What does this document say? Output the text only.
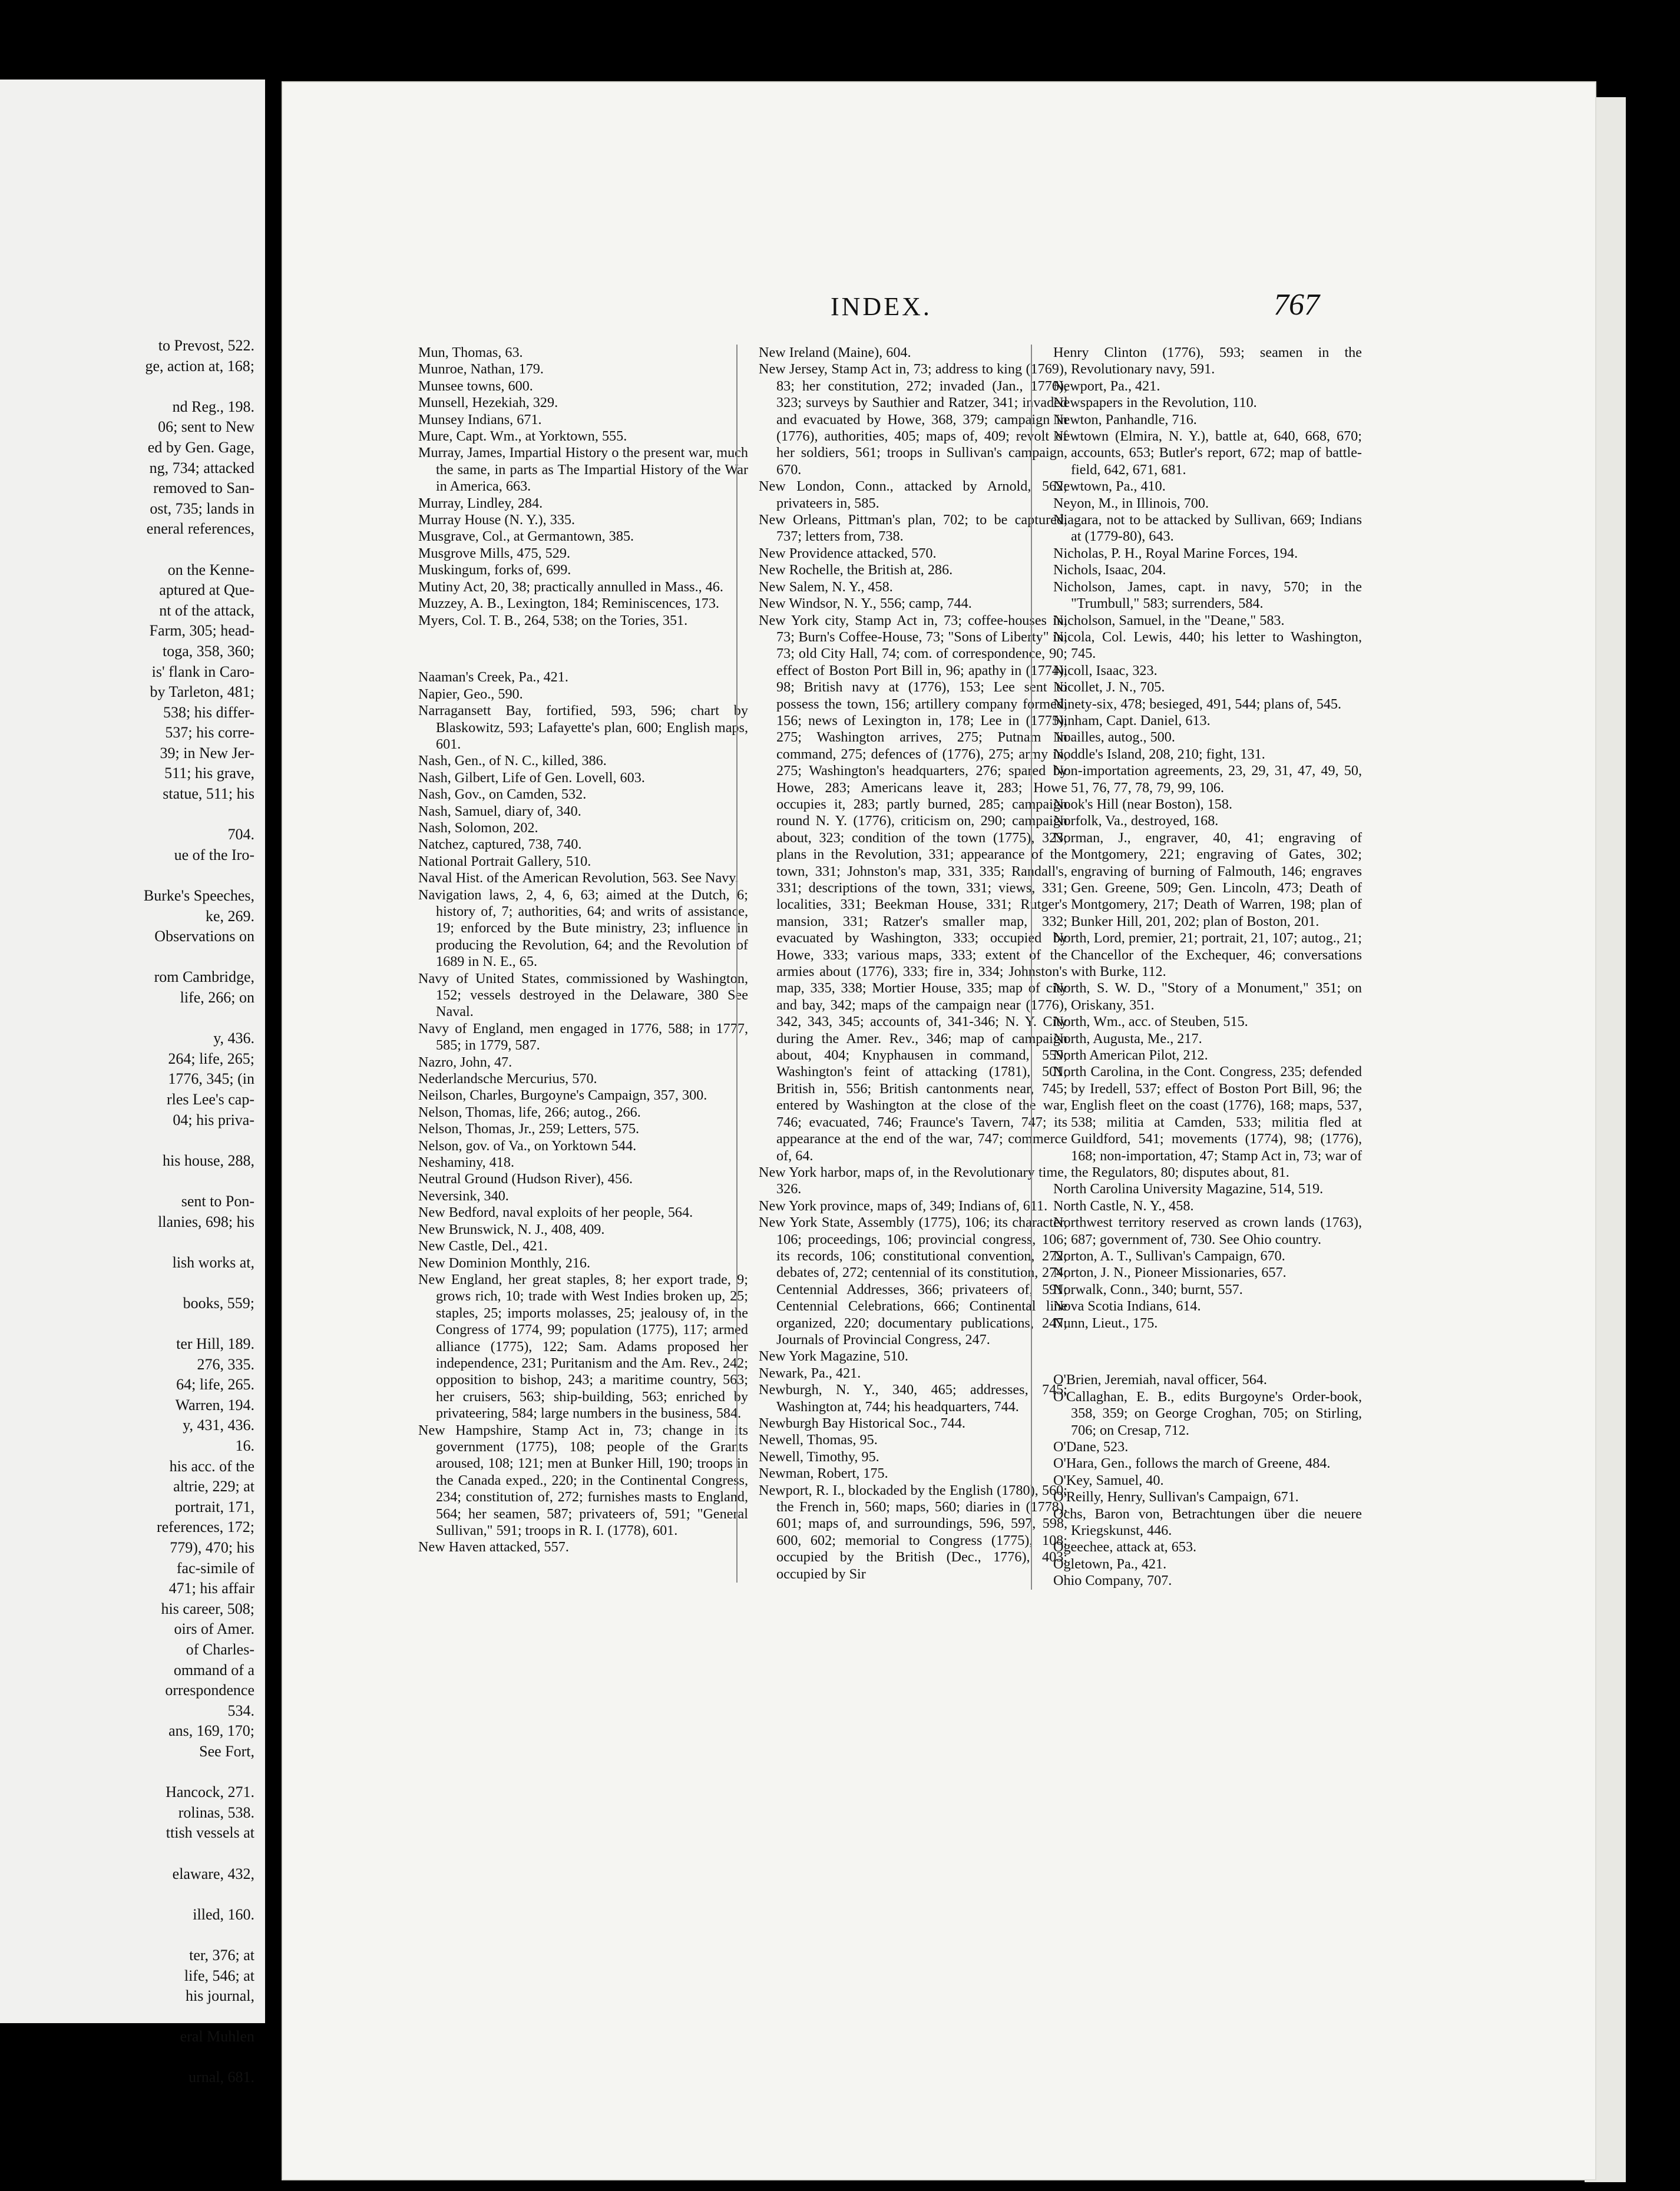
to Prevost, 522.
ge, action at, 168;

nd Reg., 198.
06; sent to New
ed by Gen. Gage,
ng, 734; attacked
removed to San-
ost, 735; lands in
eneral references,

on the Kenne-
aptured at Que-
nt of the attack,
Farm, 305; head-
toga, 358, 360;
is' flank in Caro-
by Tarleton, 481;
538; his differ-
537; his corre-
39; in New Jer-
511; his grave,
statue, 511; his

704.
ue of the Iro-

Burke's Speeches,
ke, 269.
Observations on

rom Cambridge,
life, 266; on

y, 436.
264; life, 265;
1776, 345; (in
rles Lee's cap-
04; his priva-

his house, 288,

sent to Pon-
llanies, 698; his

lish works at,

books, 559;

ter Hill, 189.
276, 335.
64; life, 265.
Warren, 194.
y, 431, 436.
16.
his acc. of the
altrie, 229; at
portrait, 171,
references, 172;
779), 470; his
fac-simile of
471; his affair
his career, 508;
oirs of Amer.
of Charles-
ommand of a
orrespondence
534.
ans, 169, 170;
See Fort,

Hancock, 271.
rolinas, 538.
ttish vessels at

elaware, 432,

illed, 160.

ter, 376; at
life, 546; at
his journal,

eral Muhlen

urnal, 681.
INDEX.	767

Mun, Thomas, 63.

Munroe, Nathan, 179.

Munsee towns, 600.

Munsell, Hezekiah, 329.

Munsey Indians, 671.

Mure, Capt. Wm., at Yorktown, 555.

Murray, James, Impartial History o the present war, much the same, in parts as The Impartial History of the War in America, 663.

Murray, Lindley, 284.

Murray House (N. Y.), 335.

Musgrave, Col., at Germantown, 385.

Musgrove Mills, 475, 529.

Muskingum, forks of, 699.

Mutiny Act, 20, 38; practically annulled in Mass., 46.

Muzzey, A. B., Lexington, 184; Reminiscences, 173.

Myers, Col. T. B., 264, 538; on the Tories, 351.

Naaman's Creek, Pa., 421.

Napier, Geo., 590.

Narragansett Bay, fortified, 593, 596; chart by Blaskowitz, 593; Lafayette's plan, 600; English maps, 601.

Nash, Gen., of N. C., killed, 386.

Nash, Gilbert, Life of Gen. Lovell, 603.

Nash, Gov., on Camden, 532.

Nash, Samuel, diary of, 340.

Nash, Solomon, 202.

Natchez, captured, 738, 740.

National Portrait Gallery, 510.

Naval Hist. of the American Revolution, 563. See Navy.

Navigation laws, 2, 4, 6, 63; aimed at the Dutch, 6; history of, 7; authorities, 64; and writs of assistance, 19; enforced by the Bute ministry, 23; influence in producing the Revolution, 64; and the Revolution of 1689 in N. E., 65.

Navy of United States, commissioned by Washington, 152; vessels destroyed in the Delaware, 380 See Naval.

Navy of England, men engaged in 1776, 588; in 1777, 585; in 1779, 587.

Nazro, John, 47.

Nederlandsche Mercurius, 570.

Neilson, Charles, Burgoyne's Campaign, 357, 300.

Nelson, Thomas, life, 266; autog., 266.

Nelson, Thomas, Jr., 259; Letters, 575.

Nelson, gov. of Va., on Yorktown 544.

Neshaminy, 418.

Neutral Ground (Hudson River), 456.

Neversink, 340.

New Bedford, naval exploits of her people, 564.

New Brunswick, N. J., 408, 409.

New Castle, Del., 421.

New Dominion Monthly, 216.

New England, her great staples, 8; her export trade, 9; grows rich, 10; trade with West Indies broken up, 25; staples, 25; imports molasses, 25; jealousy of, in the Congress of 1774, 99; population (1775), 117; armed alliance (1775), 122; Sam. Adams proposed her independence, 231; Puritanism and the Am. Rev., 242; opposition to bishop, 243; a maritime country, 563; her cruisers, 563; ship-building, 563; enriched by privateering, 584; large numbers in the business, 584.

New Hampshire, Stamp Act in, 73; change in its government (1775), 108; people of the Grants aroused, 108; 121; men at Bunker Hill, 190; troops in the Canada exped., 220; in the Continental Congress, 234; constitution of, 272; furnishes masts to England, 564; her seamen, 587; privateers of, 591; "General Sullivan," 591; troops in R. I. (1778), 601.

New Haven attacked, 557.

New Ireland (Maine), 604.

New Jersey, Stamp Act in, 73; address to king (1769), 83; her constitution, 272; invaded (Jan., 1776), 323; surveys by Sauthier and Ratzer, 341; invaded and evacuated by Howe, 368, 379; campaign in (1776), authorities, 405; maps of, 409; revolt of her soldiers, 561; troops in Sullivan's campaign, 670.

New London, Conn., attacked by Arnold, 562; privateers in, 585.

New Orleans, Pittman's plan, 702; to be captured, 737; letters from, 738.

New Providence attacked, 570.

New Rochelle, the British at, 286.

New Salem, N. Y., 458.

New Windsor, N. Y., 556; camp, 744.

New York city, Stamp Act in, 73; coffee-houses in, 73; Burn's Coffee-House, 73; "Sons of Liberty" in, 73; old City Hall, 74; com. of correspondence, 90; effect of Boston Port Bill in, 96; apathy in (1774), 98; British navy at (1776), 153; Lee sent to possess the town, 156; artillery company formed, 156; news of Lexington in, 178; Lee in (1775), 275; Washington arrives, 275; Putnam in command, 275; defences of (1776), 275; army in, 275; Washington's headquarters, 276; spared by Howe, 283; Americans leave it, 283; Howe occupies it, 283; partly burned, 285; campaign round N. Y. (1776), criticism on, 290; campaign about, 323; condition of the town (1775), 323; plans in the Revolution, 331; appearance of the town, 331; Johnston's map, 331, 335; Randall's, 331; descriptions of the town, 331; views, 331; localities, 331; Beekman House, 331; Rutger's mansion, 331; Ratzer's smaller map, 332; evacuated by Washington, 333; occupied by Howe, 333; various maps, 333; extent of the armies about (1776), 333; fire in, 334; Johnston's map, 335, 338; Mortier House, 335; map of city and bay, 342; maps of the campaign near (1776), 342, 343, 345; accounts of, 341-346; N. Y. City during the Amer. Rev., 346; map of campaign about, 404; Knyphausen in command, 559; Washington's feint of attacking (1781), 501; British in, 556; British cantonments near, 745; entered by Washington at the close of the war, 746; evacuated, 746; Fraunce's Tavern, 747; its appearance at the end of the war, 747; commerce of, 64.

New York harbor, maps of, in the Revolutionary time, 326.

New York province, maps of, 349; Indians of, 611.

New York State, Assembly (1775), 106; its character, 106; proceedings, 106; provincial congress, 106; its records, 106; constitutional convention, 272; debates of, 272; centennial of its constitution, 274; Centennial Addresses, 366; privateers of, 591; Centennial Celebrations, 666; Continental line organized, 220; documentary publications, 247; Journals of Provincial Congress, 247.

New York Magazine, 510.

Newark, Pa., 421.

Newburgh, N. Y., 340, 465; addresses, 745; Washington at, 744; his headquarters, 744.

Newburgh Bay Historical Soc., 744.

Newell, Thomas, 95.

Newell, Timothy, 95.

Newman, Robert, 175.

Newport, R. I., blockaded by the English (1780), 560; the French in, 560; maps, 560; diaries in (1778), 601; maps of, and surroundings, 596, 597, 598, 600, 602; memorial to Congress (1775), 108; occupied by the British (Dec., 1776), 403; occupied by Sir

Henry Clinton (1776), 593; seamen in the Revolutionary navy, 591.

Newport, Pa., 421.

Newspapers in the Revolution, 110.

Newton, Panhandle, 716.

Newtown (Elmira, N. Y.), battle at, 640, 668, 670; accounts, 653; Butler's report, 672; map of battle-field, 642, 671, 681.

Newtown, Pa., 410.

Neyon, M., in Illinois, 700.

Niagara, not to be attacked by Sullivan, 669; Indians at (1779-80), 643.

Nicholas, P. H., Royal Marine Forces, 194.

Nichols, Isaac, 204.

Nicholson, James, capt. in navy, 570; in the "Trumbull," 583; surrenders, 584.

Nicholson, Samuel, in the "Deane," 583.

Nicola, Col. Lewis, 440; his letter to Washington, 745.

Nicoll, Isaac, 323.

Nicollet, J. N., 705.

Ninety-six, 478; besieged, 491, 544; plans of, 545.

Ninham, Capt. Daniel, 613.

Noailles, autog., 500.

Noddle's Island, 208, 210; fight, 131.

Non-importation agreements, 23, 29, 31, 47, 49, 50, 51, 76, 77, 78, 79, 99, 106.

Nook's Hill (near Boston), 158.

Norfolk, Va., destroyed, 168.

Norman, J., engraver, 40, 41; engraving of Montgomery, 221; engraving of Gates, 302; engraving of burning of Falmouth, 146; engraves Gen. Greene, 509; Gen. Lincoln, 473; Death of Montgomery, 217; Death of Warren, 198; plan of Bunker Hill, 201, 202; plan of Boston, 201.

North, Lord, premier, 21; portrait, 21, 107; autog., 21; Chancellor of the Exchequer, 46; conversations with Burke, 112.

North, S. W. D., "Story of a Monument," 351; on Oriskany, 351.

North, Wm., acc. of Steuben, 515.

North, Augusta, Me., 217.

North American Pilot, 212.

North Carolina, in the Cont. Congress, 235; defended by Iredell, 537; effect of Boston Port Bill, 96; the English fleet on the coast (1776), 168; maps, 537, 538; militia at Camden, 533; militia fled at Guildford, 541; movements (1774), 98; (1776), 168; non-importation, 47; Stamp Act in, 73; war of the Regulators, 80; disputes about, 81.

North Carolina University Magazine, 514, 519.

North Castle, N. Y., 458.

Northwest territory reserved as crown lands (1763), 687; government of, 730. See Ohio country.

Norton, A. T., Sullivan's Campaign, 670.

Norton, J. N., Pioneer Missionaries, 657.

Norwalk, Conn., 340; burnt, 557.

Nova Scotia Indians, 614.

Nunn, Lieut., 175.

O'Brien, Jeremiah, naval officer, 564.

O'Callaghan, E. B., edits Burgoyne's Order-book, 358, 359; on George Croghan, 705; on Stirling, 706; on Cresap, 712.

O'Dane, 523.

O'Hara, Gen., follows the march of Greene, 484.

O'Key, Samuel, 40.

O'Reilly, Henry, Sullivan's Campaign, 671.

Ochs, Baron von, Betrachtungen über die neuere Kriegskunst, 446.

Ogeechee, attack at, 653.

Ogletown, Pa., 421.

Ohio Company, 707.
